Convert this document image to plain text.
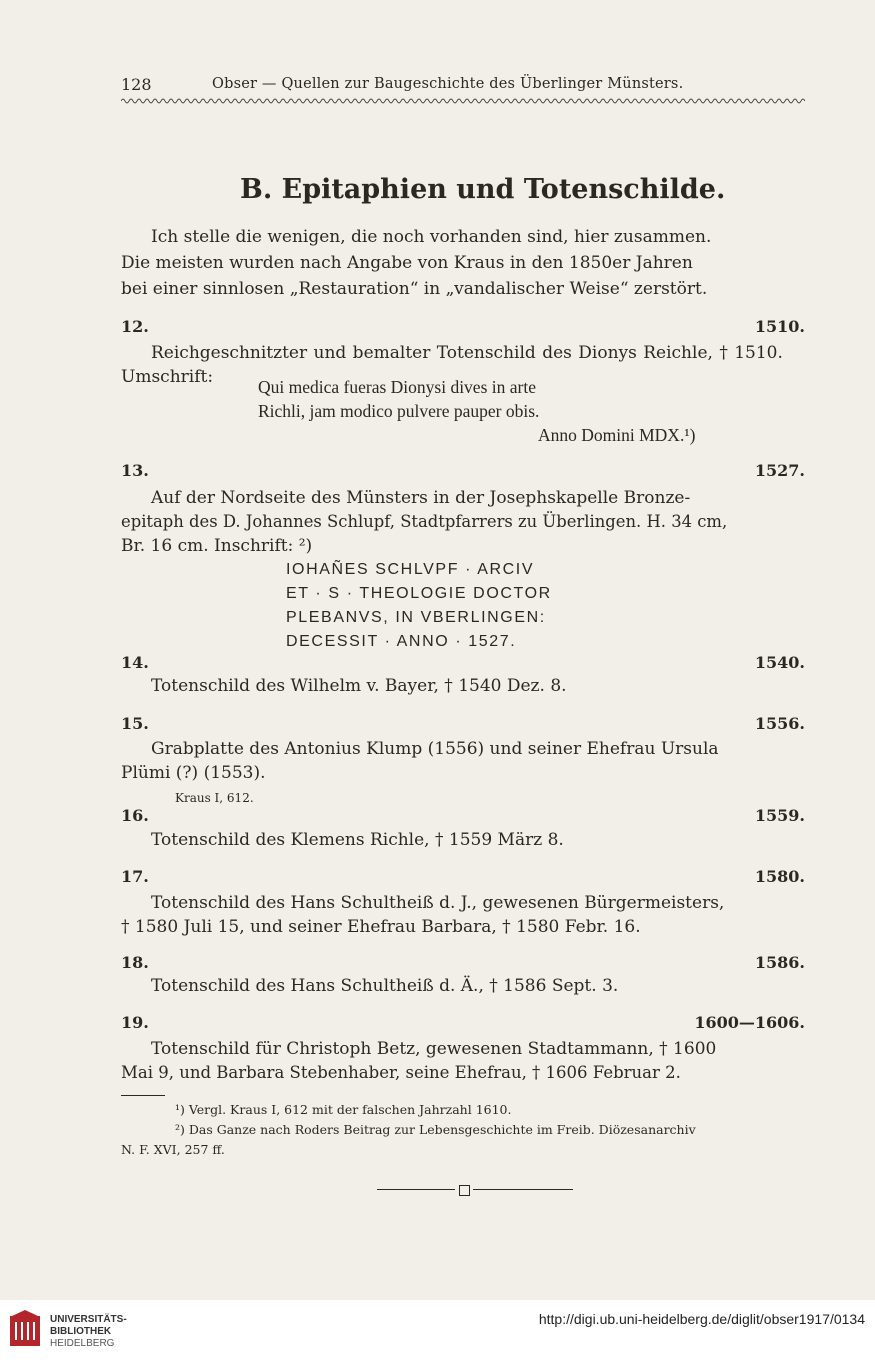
128	Obser — Quellen zur Baugeschichte des Überlinger Münsters.
B. Epitaphien und Totenschilde.
Ich stelle die wenigen, die noch vorhanden sind, hier zusammen.
Die meisten wurden nach Angabe von Kraus in den 1850er Jahren
bei einer sinnlosen „Restauration“ in „vandalischer Weise“ zerstört.
12.	1510.
Reichgeschnitzter und bemalter Totenschild des Dionys Reichle, † 1510.
Umschrift:	Qui medica fueras Dionysi dives in arte
Richli, jam modico pulvere pauper obis.
Anno Domini MDX.¹)
13.	1527.
Auf der Nordseite des Münsters in der Josephskapelle Bronze-
epitaph des D. Johannes Schlupf, Stadtpfarrers zu Überlingen. H. 34 cm,
Br. 16 cm. Inschrift: ²)
IOHAÑES SCHLVPF · ARCIV
ET · S · THEOLOGIE DOCTOR
PLEBANVS, IN VBERLINGEN:
DECESSIT · ANNO · 1527.
14.	1540.
Totenschild des Wilhelm v. Bayer, † 1540 Dez. 8.
15.	1556.
Grabplatte des Antonius Klump (1556) und seiner Ehefrau Ursula
Plümi (?) (1553).
Kraus I, 612.
16.	1559.
Totenschild des Klemens Richle, † 1559 März 8.
17.	1580.
Totenschild des Hans Schultheiß d. J., gewesenen Bürgermeisters,
† 1580 Juli 15, und seiner Ehefrau Barbara, † 1580 Febr. 16.
18.	1586.
Totenschild des Hans Schultheiß d. Ä., † 1586 Sept. 3.
19.	1600—1606.
Totenschild für Christoph Betz, gewesenen Stadtammann, † 1600
Mai 9, und Barbara Stebenhaber, seine Ehefrau, † 1606 Februar 2.
¹) Vergl. Kraus I, 612 mit der falschen Jahrzahl 1610.
²) Das Ganze nach Roders Beitrag zur Lebensgeschichte im Freib. Diözesanarchiv
N. F. XVI, 257 ff.
UNIVERSITÄTS-
BIBLIOTHEK
HEIDELBERG
http://digi.ub.uni-heidelberg.de/diglit/obser1917/0134
